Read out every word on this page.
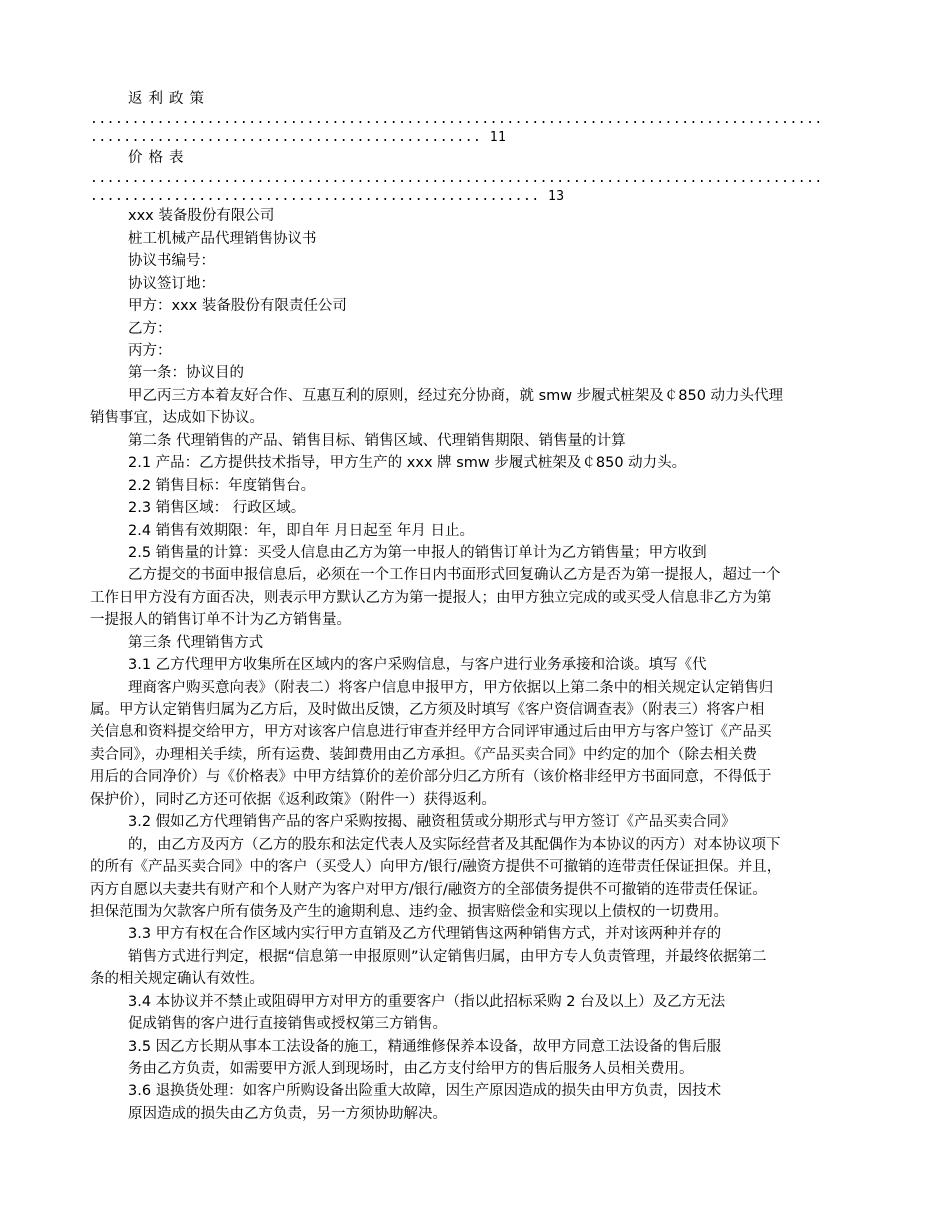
返利政策
........................................................................................
............................................... 11
价格表
........................................................................................
...................................................... 13
xxx 装备股份有限公司
桩工机械产品代理销售协议书
协议书编号：
协议签订地：
甲方：xxx 装备股份有限责任公司
乙方：
丙方：
第一条：协议目的
甲乙丙三方本着友好合作、互惠互利的原则，经过充分协商，就 smw 步履式桩架及￠850 动力头代理
销售事宜，达成如下协议。
第二条 代理销售的产品、销售目标、销售区域、代理销售期限、销售量的计算
2.1 产品：乙方提供技术指导，甲方生产的 xxx 牌 smw 步履式桩架及￠850 动力头。
2.2 销售目标：年度销售台。
2.3 销售区域： 行政区域。
2.4 销售有效期限：年，即自年 月日起至 年月 日止。
2.5 销售量的计算：买受人信息由乙方为第一申报人的销售订单计为乙方销售量；甲方收到
乙方提交的书面申报信息后，必须在一个工作日内书面形式回复确认乙方是否为第一提报人，超过一个
工作日甲方没有方面否决，则表示甲方默认乙方为第一提报人；由甲方独立完成的或买受人信息非乙方为第
一提报人的销售订单不计为乙方销售量。
第三条 代理销售方式
3.1 乙方代理甲方收集所在区域内的客户采购信息，与客户进行业务承接和洽谈。填写《代
理商客户购买意向表》（附表二）将客户信息申报甲方，甲方依据以上第二条中的相关规定认定销售归
属。甲方认定销售归属为乙方后，及时做出反馈，乙方须及时填写《客户资信调查表》（附表三）将客户相
关信息和资料提交给甲方，甲方对该客户信息进行审查并经甲方合同评审通过后由甲方与客户签订《产品买
卖合同》，办理相关手续，所有运费、装卸费用由乙方承担。《产品买卖合同》中约定的加个（除去相关费
用后的合同净价）与《价格表》中甲方结算价的差价部分归乙方所有（该价格非经甲方书面同意，不得低于
保护价），同时乙方还可依据《返利政策》（附件一）获得返利。
3.2 假如乙方代理销售产品的客户采购按揭、融资租赁或分期形式与甲方签订《产品买卖合同》
的，由乙方及丙方（乙方的股东和法定代表人及实际经营者及其配偶作为本协议的丙方）对本协议项下
的所有《产品买卖合同》中的客户（买受人）向甲方/银行/融资方提供不可撤销的连带责任保证担保。并且，
丙方自愿以夫妻共有财产和个人财产为客户对甲方/银行/融资方的全部债务提供不可撤销的连带责任保证。
担保范围为欠款客户所有债务及产生的逾期利息、违约金、损害赔偿金和实现以上债权的一切费用。
3.3 甲方有权在合作区域内实行甲方直销及乙方代理销售这两种销售方式，并对该两种并存的
销售方式进行判定，根据“信息第一申报原则”认定销售归属，由甲方专人负责管理，并最终依据第二
条的相关规定确认有效性。
3.4 本协议并不禁止或阻碍甲方对甲方的重要客户（指以此招标采购 2 台及以上）及乙方无法
促成销售的客户进行直接销售或授权第三方销售。
3.5 因乙方长期从事本工法设备的施工，精通维修保养本设备，故甲方同意工法设备的售后服
务由乙方负责，如需要甲方派人到现场时，由乙方支付给甲方的售后服务人员相关费用。
3.6 退换货处理：如客户所购设备出险重大故障，因生产原因造成的损失由甲方负责，因技术
原因造成的损失由乙方负责，另一方须协助解决。
